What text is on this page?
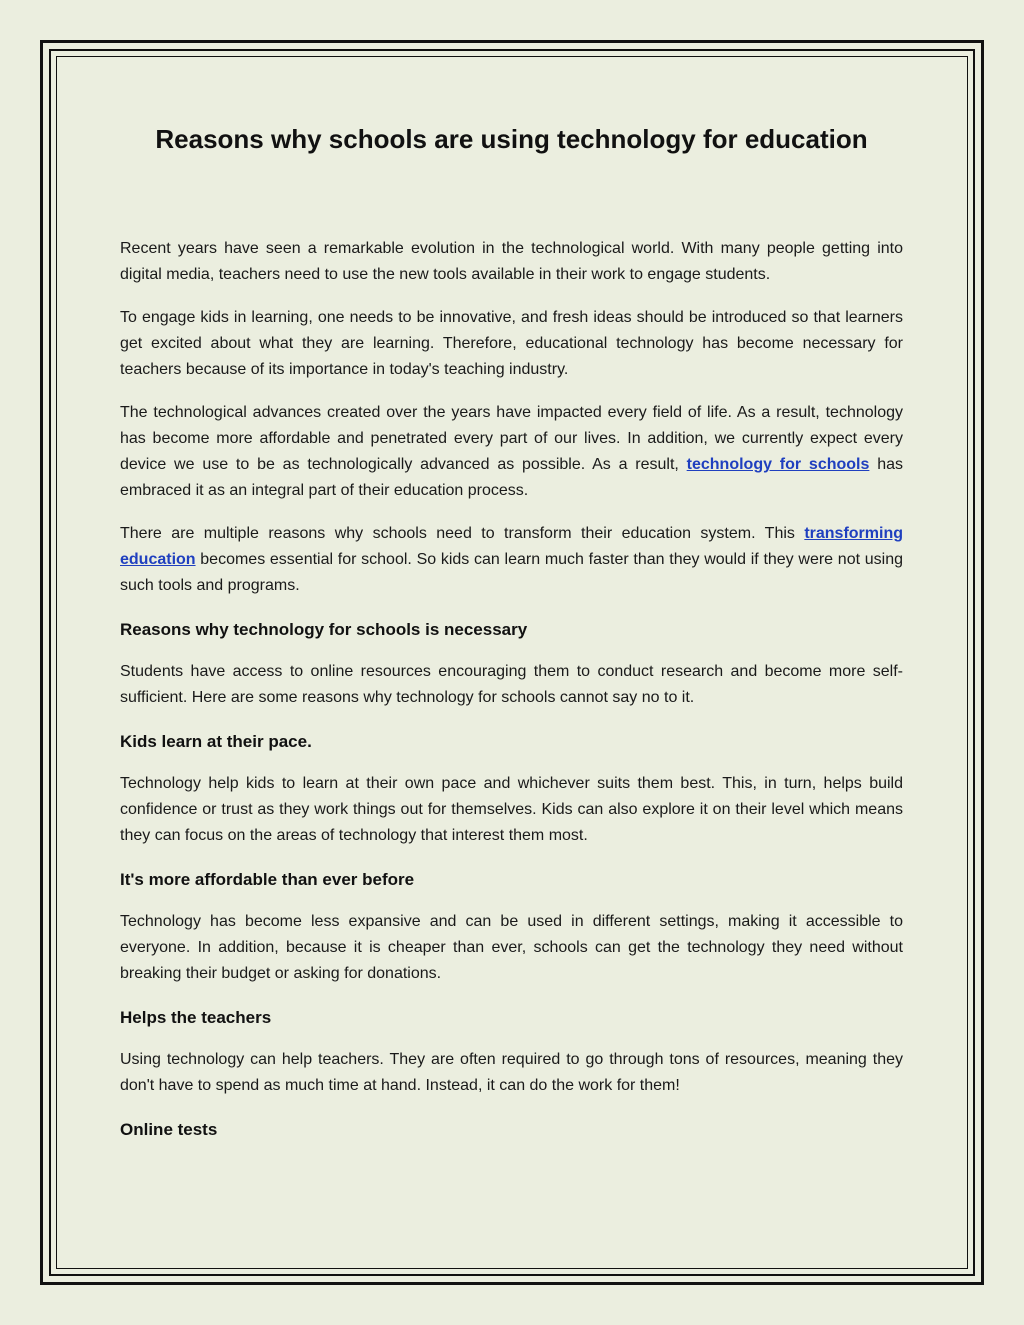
Reasons why schools are using technology for education

Recent years have seen a remarkable evolution in the technological world. With many people getting into digital media, teachers need to use the new tools available in their work to engage students.

To engage kids in learning, one needs to be innovative, and fresh ideas should be introduced so that learners get excited about what they are learning. Therefore, educational technology has become necessary for teachers because of its importance in today's teaching industry.

The technological advances created over the years have impacted every field of life. As a result, technology has become more affordable and penetrated every part of our lives. In addition, we currently expect every device we use to be as technologically advanced as possible. As a result, technology for schools has embraced it as an integral part of their education process.

There are multiple reasons why schools need to transform their education system. This transforming education becomes essential for school. So kids can learn much faster than they would if they were not using such tools and programs.

Reasons why technology for schools is necessary

Students have access to online resources encouraging them to conduct research and become more self-sufficient. Here are some reasons why technology for schools cannot say no to it.

Kids learn at their pace.

Technology help kids to learn at their own pace and whichever suits them best. This, in turn, helps build confidence or trust as they work things out for themselves. Kids can also explore it on their level which means they can focus on the areas of technology that interest them most.

It's more affordable than ever before

Technology has become less expansive and can be used in different settings, making it accessible to everyone. In addition, because it is cheaper than ever, schools can get the technology they need without breaking their budget or asking for donations.

Helps the teachers

Using technology can help teachers. They are often required to go through tons of resources, meaning they don't have to spend as much time at hand. Instead, it can do the work for them!

Online tests
